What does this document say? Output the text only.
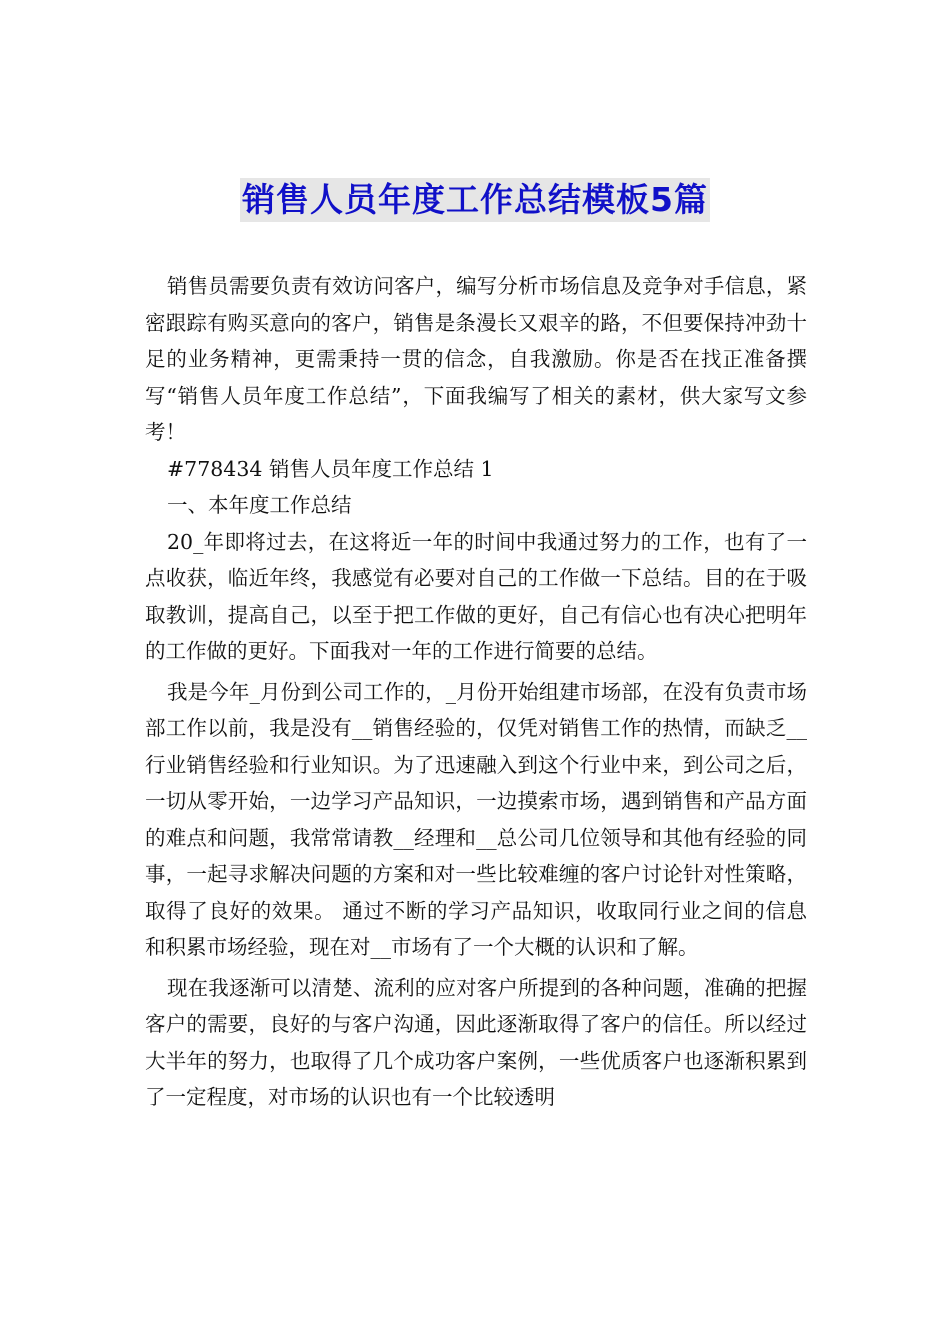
销售人员年度工作总结模板5篇

销售员需要负责有效访问客户，编写分析市场信息及竞争对手信息，紧密跟踪有购买意向的客户，销售是条漫长又艰辛的路，不但要保持冲劲十足的业务精神，更需秉持一贯的信念，自我激励。你是否在找正准备撰写“销售人员年度工作总结”，下面我编写了相关的素材，供大家写文参考！

#778434 销售人员年度工作总结 1

一、本年度工作总结

20_年即将过去，在这将近一年的时间中我通过努力的工作，也有了一点收获，临近年终，我感觉有必要对自己的工作做一下总结。目的在于吸取教训，提高自己，以至于把工作做的更好，自己有信心也有决心把明年的工作做的更好。下面我对一年的工作进行简要的总结。

我是今年_月份到公司工作的，_月份开始组建市场部，在没有负责市场部工作以前，我是没有__销售经验的，仅凭对销售工作的热情，而缺乏__行业销售经验和行业知识。为了迅速融入到这个行业中来，到公司之后，一切从零开始，一边学习产品知识，一边摸索市场，遇到销售和产品方面的难点和问题，我常常请教__经理和__总公司几位领导和其他有经验的同事，一起寻求解决问题的方案和对一些比较难缠的客户讨论针对性策略，取得了良好的效果。 通过不断的学习产品知识，收取同行业之间的信息和积累市场经验，现在对__市场有了一个大概的认识和了解。

现在我逐渐可以清楚、流利的应对客户所提到的各种问题，准确的把握客户的需要，良好的与客户沟通，因此逐渐取得了客户的信任。所以经过大半年的努力，也取得了几个成功客户案例，一些优质客户也逐渐积累到了一定程度，对市场的认识也有一个比较透明
